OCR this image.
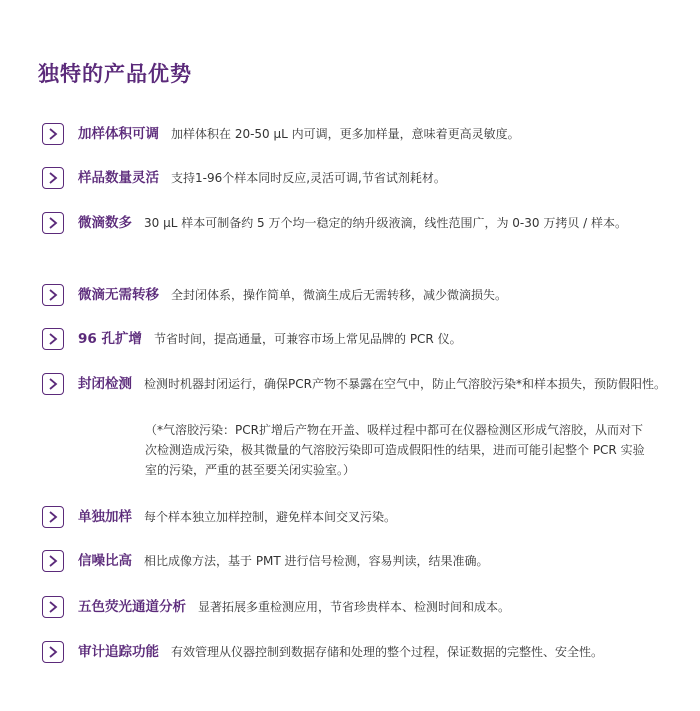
独特的产品优势
加样体积可调 加样体积在 20-50 μL 内可调，更多加样量，意味着更高灵敏度。
样品数量灵活 支持1-96个样本同时反应,灵活可调,节省试剂耗材。
微滴数多 30 μL 样本可制备约 5 万个均一稳定的纳升级液滴，线性范围广，为 0-30 万拷贝 / 样本。
微滴无需转移 全封闭体系，操作简单，微滴生成后无需转移，减少微滴损失。
96 孔扩增 节省时间，提高通量，可兼容市场上常见品牌的 PCR 仪。
封闭检测 检测时机器封闭运行，确保PCR产物不暴露在空气中，防止气溶胶污染*和样本损失，预防假阳性。
（*气溶胶污染：PCR扩增后产物在开盖、吸样过程中都可在仪器检测区形成气溶胶，从而对下次检测造成污染，极其微量的气溶胶污染即可造成假阳性的结果，进而可能引起整个 PCR 实验室的污染，严重的甚至要关闭实验室。）
单独加样 每个样本独立加样控制，避免样本间交叉污染。
信噪比高 相比成像方法，基于 PMT 进行信号检测，容易判读，结果准确。
五色荧光通道分析 显著拓展多重检测应用，节省珍贵样本、检测时间和成本。
审计追踪功能 有效管理从仪器控制到数据存储和处理的整个过程，保证数据的完整性、安全性。
